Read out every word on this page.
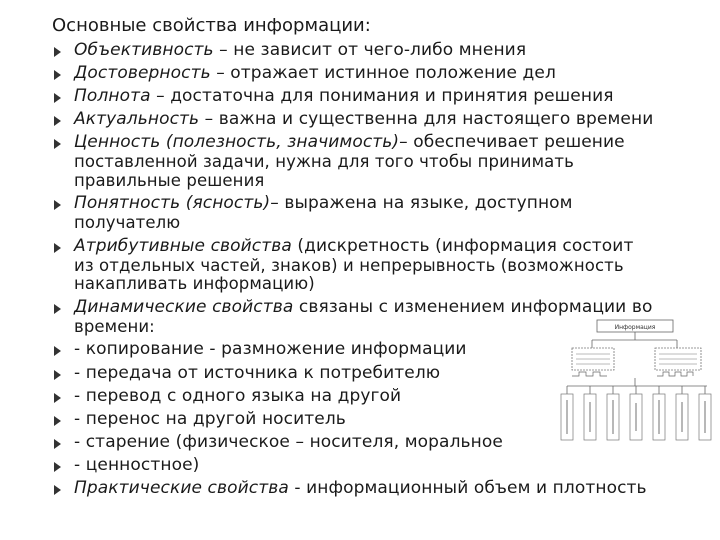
Основные свойства информации:
Объективность – не зависит от чего-либо мнения
Достоверность – отражает истинное положение дел
Полнота – достаточна для понимания и принятия решения
Актуальность – важна и существенна для настоящего времени
Ценность (полезность, значимость)– обеспечивает решение
поставленной задачи, нужна для того чтобы принимать
правильные решения
Понятность (ясность)– выражена на языке, доступном
получателю
Атрибутивные свойства (дискретность (информация состоит
из отдельных частей, знаков) и непрерывность (возможность
накапливать информацию)
Динамические свойства связаны с изменением информации во
времени:
- копирование - размножение информации
- передача от источника к потребителю
- перевод с одного языка на другой
- перенос на другой носитель
- старение (физическое – носителя, моральное
- ценностное)
Практические свойства - информационный объем и плотность
Информация
